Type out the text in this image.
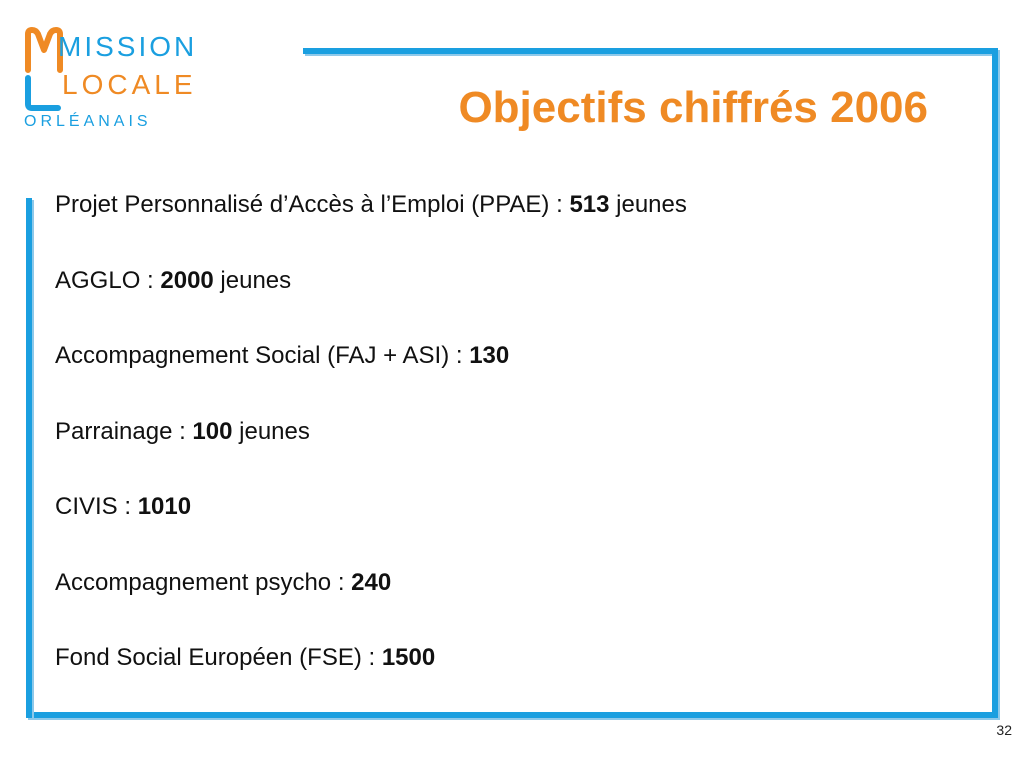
MISSION
LOCALE
ORLÉANAIS	Objectifs chiffrés 2006
Projet Personnalisé d’Accès à l’Emploi (PPAE) : 513 jeunes
AGGLO : 2000 jeunes
Accompagnement Social (FAJ + ASI) : 130
Parrainage : 100 jeunes
CIVIS : 1010
Accompagnement psycho : 240
Fond Social Européen (FSE) : 1500
32
